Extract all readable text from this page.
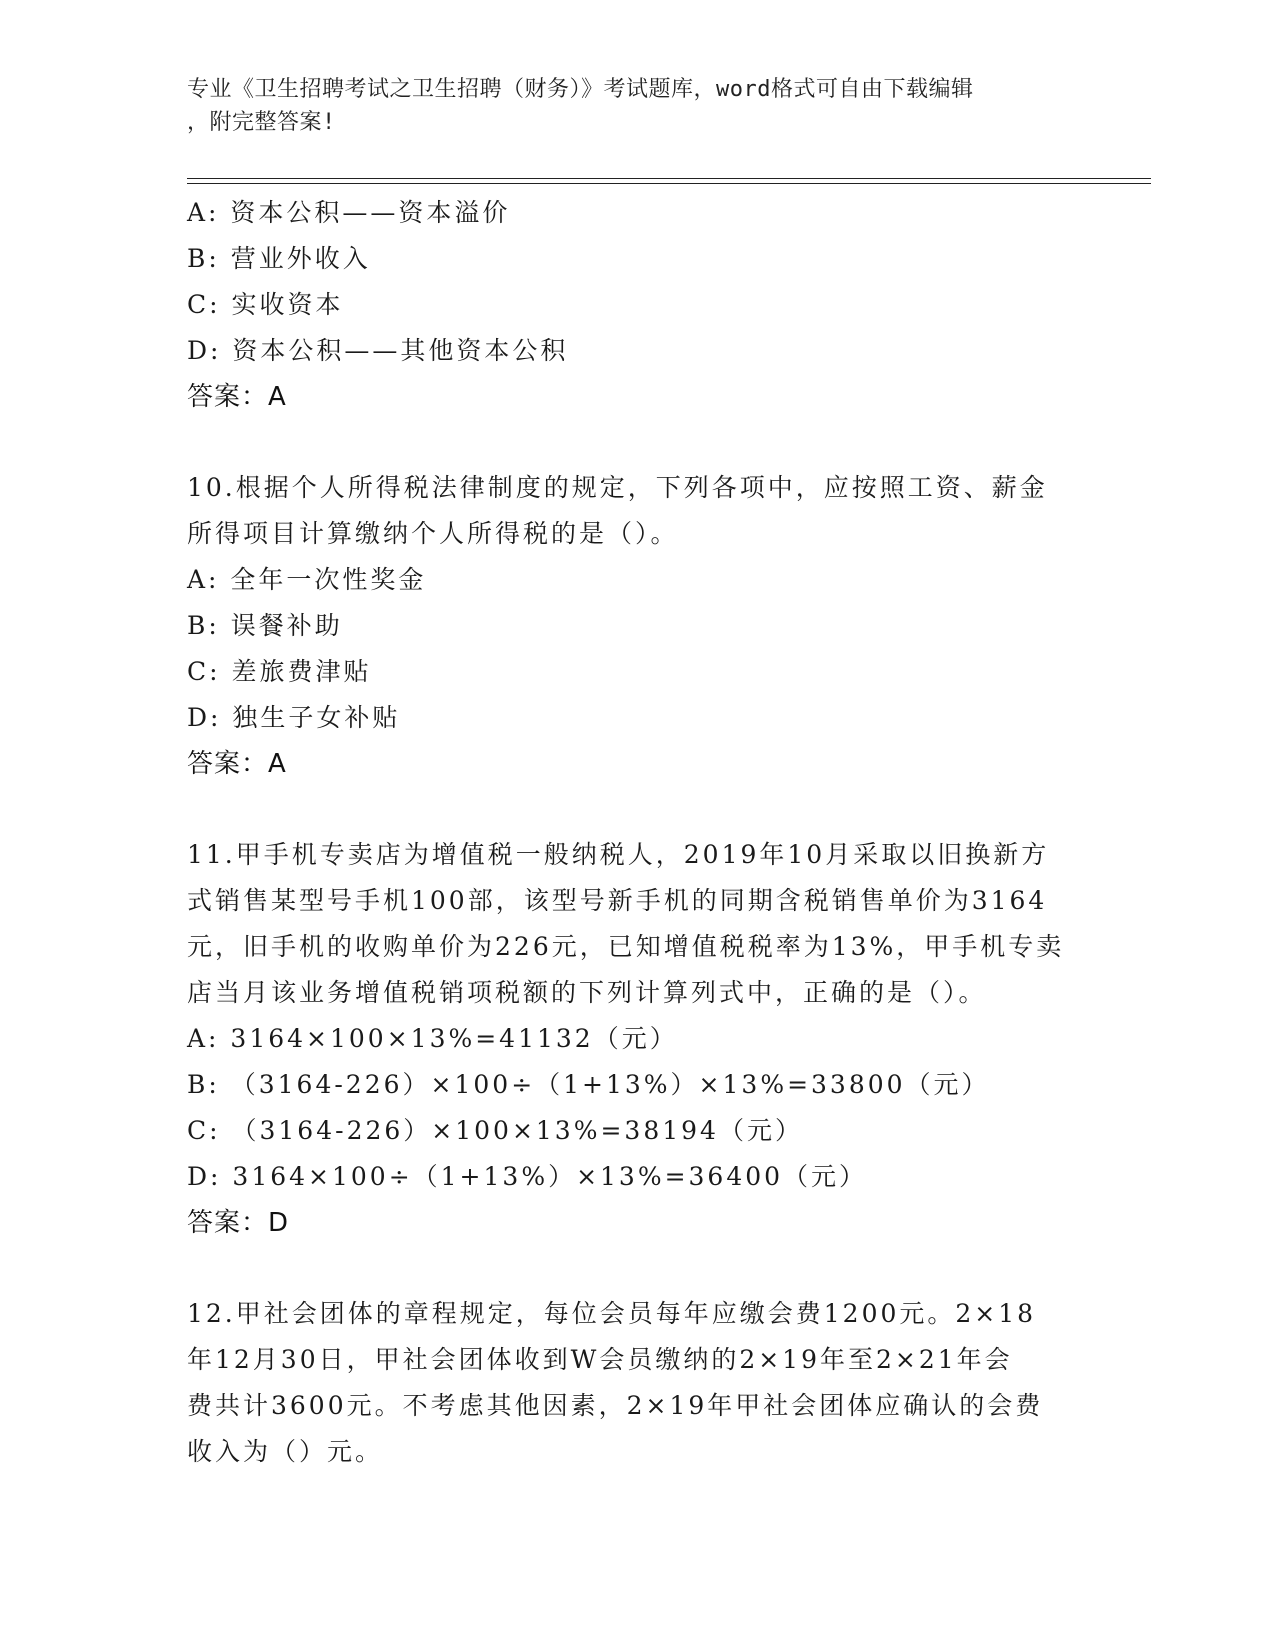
专业《卫生招聘考试之卫生招聘（财务）》考试题库，word格式可自由下载编辑
，附完整答案!
A: 资本公积——资本溢价
B: 营业外收入
C: 实收资本
D: 资本公积——其他资本公积
答案：A
10.根据个人所得税法律制度的规定，下列各项中，应按照工资、薪金
所得项目计算缴纳个人所得税的是（）。
A: 全年一次性奖金
B: 误餐补助
C: 差旅费津贴
D: 独生子女补贴
答案：A
11.甲手机专卖店为增值税一般纳税人，2019年10月采取以旧换新方
式销售某型号手机100部，该型号新手机的同期含税销售单价为3164
元，旧手机的收购单价为226元，已知增值税税率为13%，甲手机专卖
店当月该业务增值税销项税额的下列计算列式中，正确的是（）。
A: 3164×100×13%=41132（元）
B: （3164-226）×100÷（1+13%）×13%=33800（元）
C: （3164-226）×100×13%=38194（元）
D: 3164×100÷（1+13%）×13%=36400（元）
答案：D
12.甲社会团体的章程规定，每位会员每年应缴会费1200元。2×18
年12月30日，甲社会团体收到W会员缴纳的2×19年至2×21年会
费共计3600元。不考虑其他因素，2×19年甲社会团体应确认的会费
收入为（）元。
